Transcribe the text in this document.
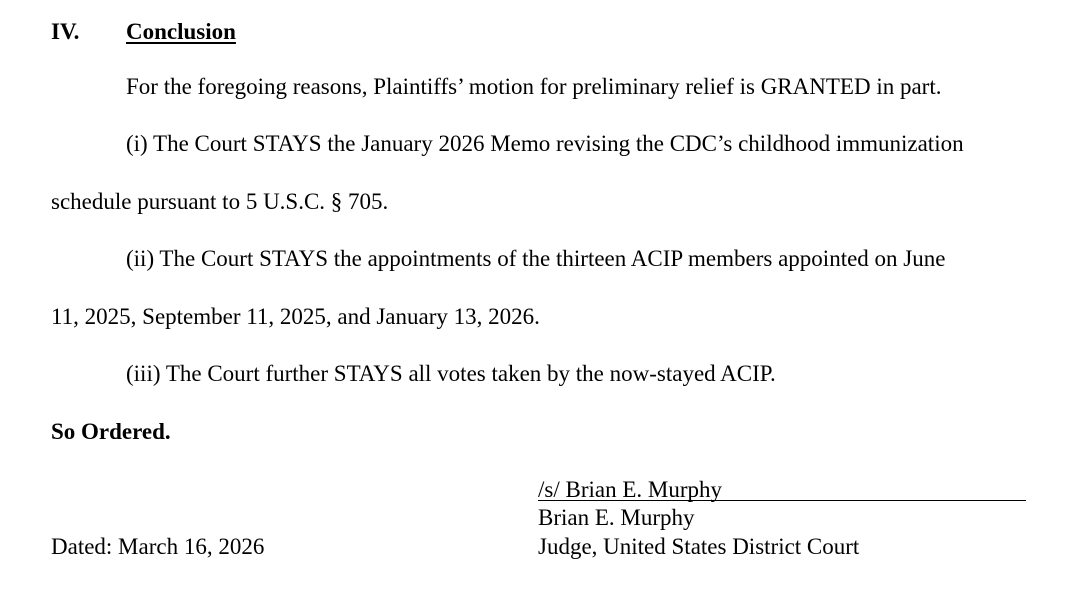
IV. Conclusion
For the foregoing reasons, Plaintiffs’ motion for preliminary relief is GRANTED in part.
(i) The Court STAYS the January 2026 Memo revising the CDC’s childhood immunization
schedule pursuant to 5 U.S.C. § 705.
(ii) The Court STAYS the appointments of the thirteen ACIP members appointed on June
11, 2025, September 11, 2025, and January 13, 2026.
(iii) The Court further STAYS all votes taken by the now-stayed ACIP.
So Ordered.
/s/ Brian E. Murphy
Brian E. Murphy
Judge, United States District Court
Dated: March 16, 2026
